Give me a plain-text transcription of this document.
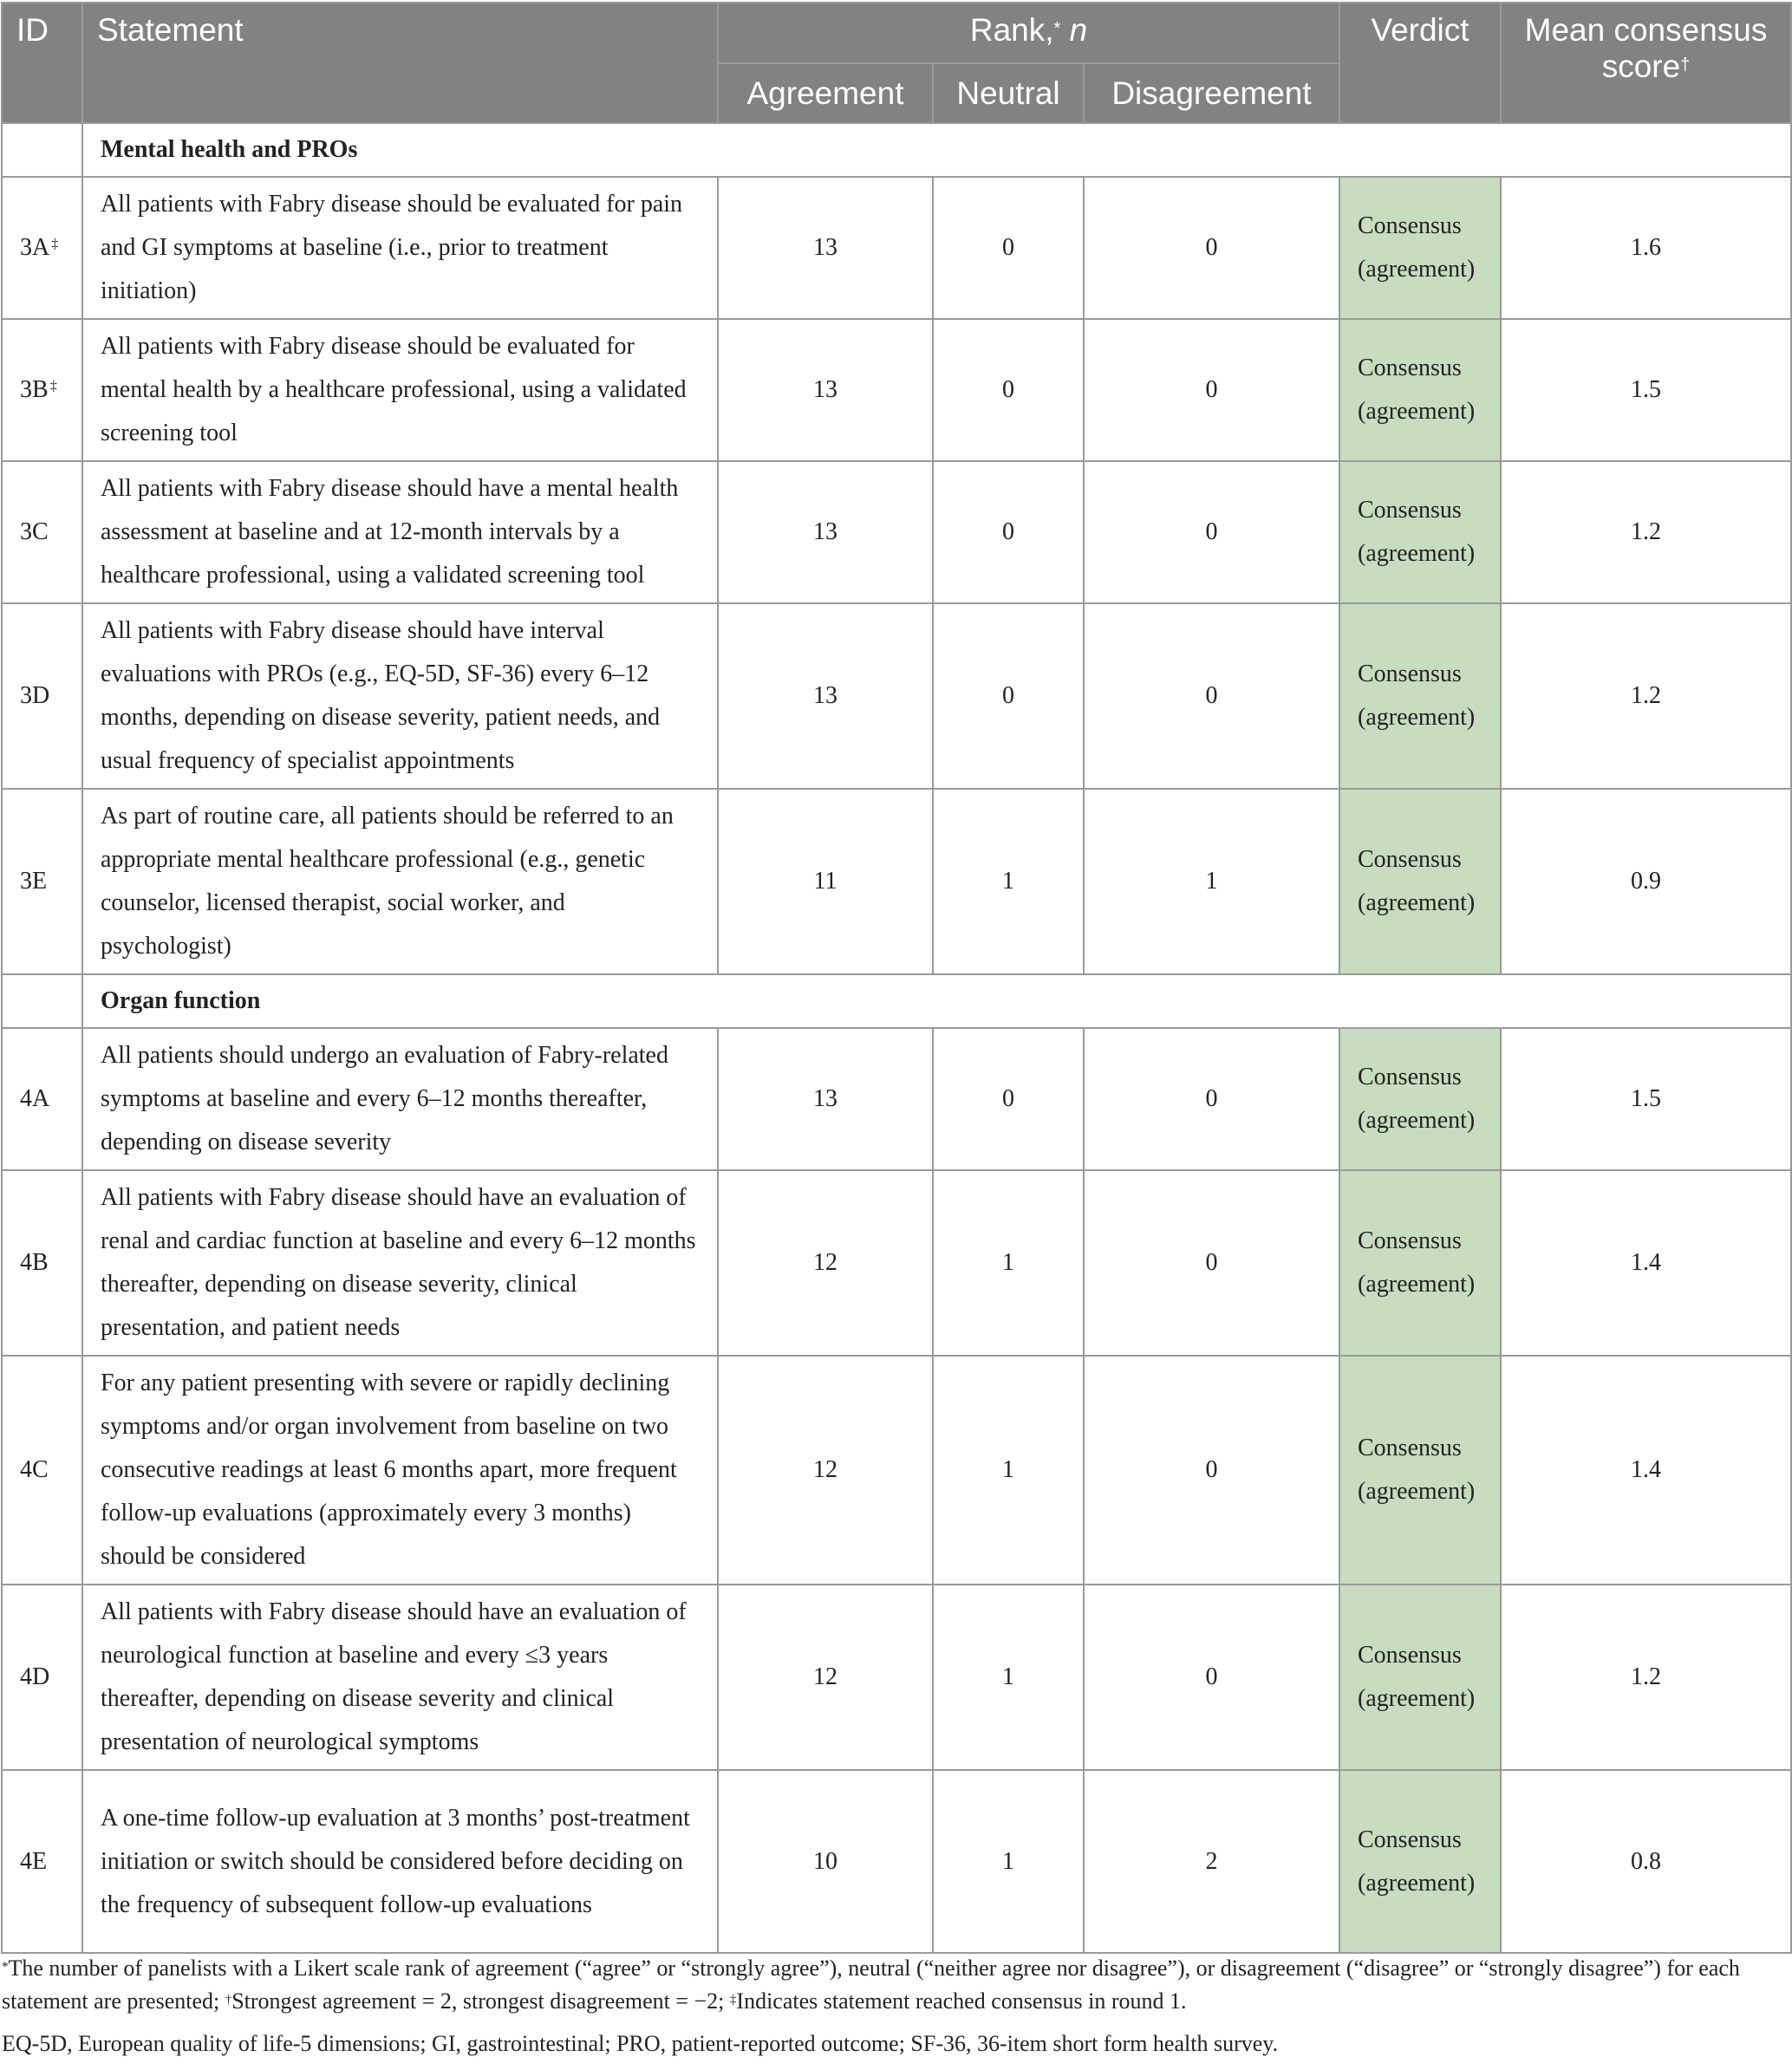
ID	Statement	Rank,* n			Verdict	Mean consensus score†
		Agreement	Neutral	Disagreement		
	Mental health and PROs					
3A ‡	All patients with Fabry disease should be evaluated for pain and GI symptoms at baseline (i.e., prior to treatment initiation)	13	0	0	Consensus (agreement)	1.6
3B ‡	All patients with Fabry disease should be evaluated for mental health by a healthcare professional, using a validated screening tool	13	0	0	Consensus (agreement)	1.5
3C	All patients with Fabry disease should have a mental health assessment at baseline and at 12-month intervals by a healthcare professional, using a validated screening tool	13	0	0	Consensus (agreement)	1.2
3D	All patients with Fabry disease should have interval evaluations with PROs (e.g., EQ-5D, SF-36) every 6–12 months, depending on disease severity, patient needs, and usual frequency of specialist appointments	13	0	0	Consensus (agreement)	1.2
3E	As part of routine care, all patients should be referred to an appropriate mental healthcare professional (e.g., genetic counselor, licensed therapist, social worker, and psychologist)	11	1	1	Consensus (agreement)	0.9
	Organ function					
4A	All patients should undergo an evaluation of Fabry-related symptoms at baseline and every 6–12 months thereafter, depending on disease severity	13	0	0	Consensus (agreement)	1.5
4B	All patients with Fabry disease should have an evaluation of renal and cardiac function at baseline and every 6–12 months thereafter, depending on disease severity, clinical presentation, and patient needs	12	1	0	Consensus (agreement)	1.4
4C	For any patient presenting with severe or rapidly declining symptoms and/or organ involvement from baseline on two consecutive readings at least 6 months apart, more frequent follow-up evaluations (approximately every 3 months) should be considered	12	1	0	Consensus (agreement)	1.4
4D	All patients with Fabry disease should have an evaluation of neurological function at baseline and every ≤3 years thereafter, depending on disease severity and clinical presentation of neurological symptoms	12	1	0	Consensus (agreement)	1.2
4E	A one-time follow-up evaluation at 3 months’ post-treatment initiation or switch should be considered before deciding on the frequency of subsequent follow-up evaluations	10	1	2	Consensus (agreement)	0.8
*The number of panelists with a Likert scale rank of agreement (“agree” or “strongly agree”), neutral (“neither agree nor disagree”), or disagreement (“disagree” or “strongly disagree”) for each statement are presented; †Strongest agreement = 2, strongest disagreement = −2; ‡Indicates statement reached consensus in round 1.
EQ-5D, European quality of life-5 dimensions; GI, gastrointestinal; PRO, patient-reported outcome; SF-36, 36-item short form health survey.
